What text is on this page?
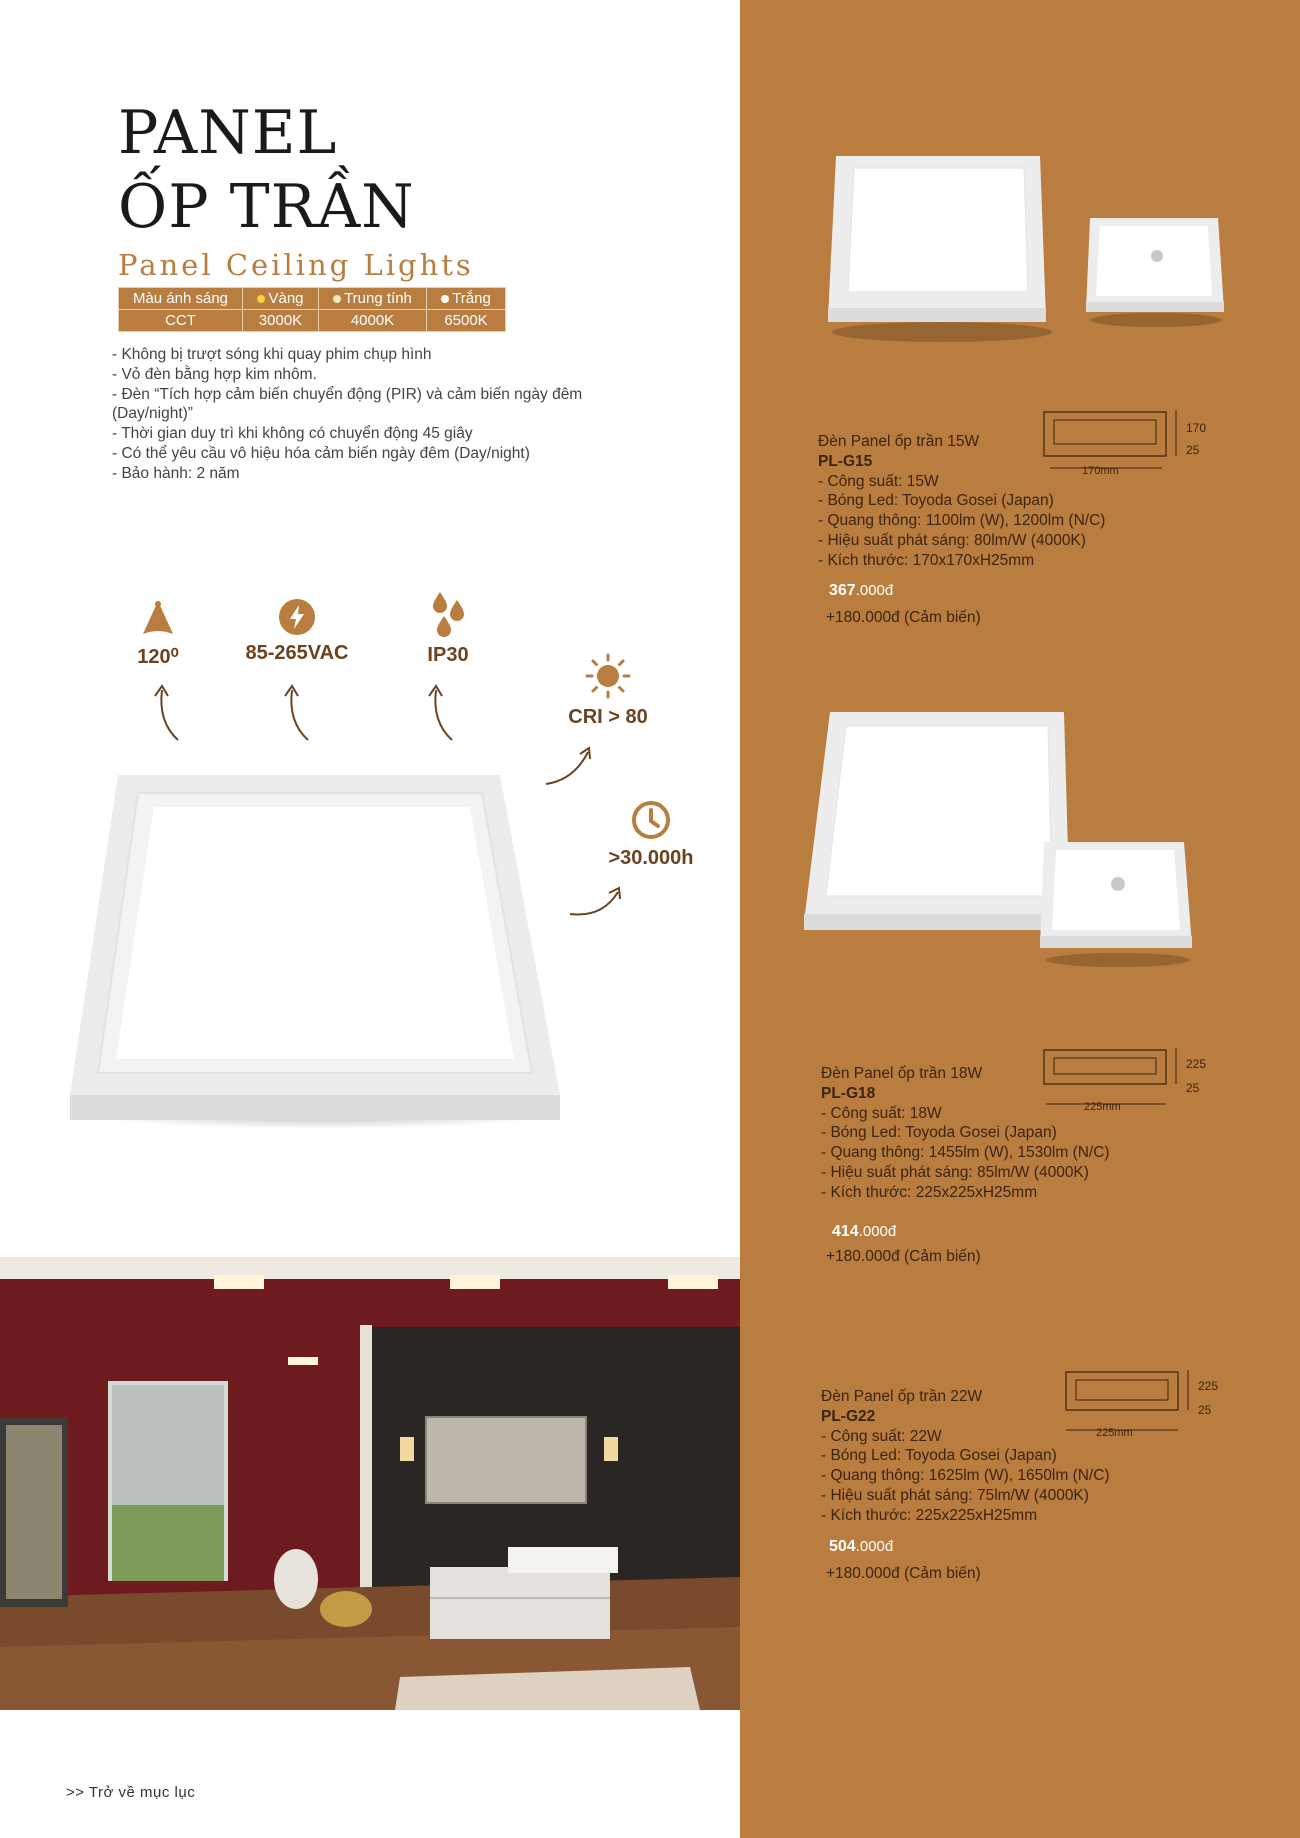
PANEL
ỐP TRẦN
Panel Ceiling Lights
Màu ánh sáng	Vàng	Trung tính	Trắng
CCT	3000K	4000K	6500K
- Không bị trượt sóng khi quay phim chụp hình
- Vỏ đèn bằng hợp kim nhôm.
- Đèn “Tích hợp cảm biến chuyển động (PIR) và cảm biến ngày đêm (Day/night)”
- Thời gian duy trì khi không có chuyển động 45 giây
- Có thể yêu cầu vô hiệu hóa cảm biến ngày đêm (Day/night)
- Bảo hành: 2 năm
120⁰	85-265VAC	IP30
CRI > 80
>30.000h
>> Trở về mục lục
170
25
170mm
225
25
225mm
225
25
225mm
Đèn Panel ốp trần 15W
PL-G15
- Công suất: 15W
- Bóng Led: Toyoda Gosei (Japan)
- Quang thông: 1100lm (W), 1200lm (N/C)
- Hiệu suất phát sáng: 80lm/W (4000K)
- Kích thước: 170x170xH25mm
367.000đ
+180.000đ (Cảm biến)
Đèn Panel ốp trần 18W
PL-G18
- Công suất: 18W
- Bóng Led: Toyoda Gosei (Japan)
- Quang thông: 1455lm (W), 1530lm (N/C)
- Hiệu suất phát sáng: 85lm/W (4000K)
- Kích thước: 225x225xH25mm
414.000đ
+180.000đ (Cảm biến)
Đèn Panel ốp trần 22W
PL-G22
- Công suất: 22W
- Bóng Led: Toyoda Gosei (Japan)
- Quang thông: 1625lm (W), 1650lm (N/C)
- Hiệu suất phát sáng: 75lm/W (4000K)
- Kích thước: 225x225xH25mm
504.000đ
+180.000đ (Cảm biến)
